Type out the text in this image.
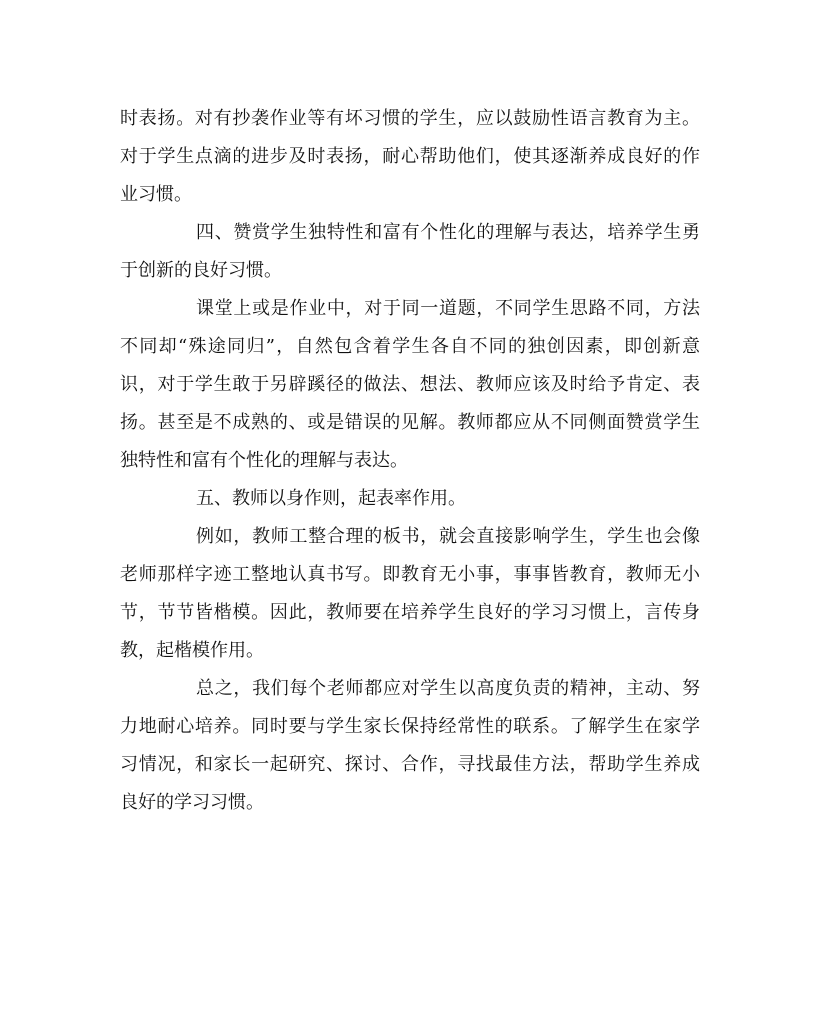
时表扬。对有抄袭作业等有坏习惯的学生，应以鼓励性语言教育为主。
对于学生点滴的进步及时表扬，耐心帮助他们，使其逐渐养成良好的作
业习惯。
四、赞赏学生独特性和富有个性化的理解与表达，培养学生勇
于创新的良好习惯。
课堂上或是作业中，对于同一道题，不同学生思路不同，方法
不同却“殊途同归”，自然包含着学生各自不同的独创因素，即创新意
识，对于学生敢于另辟蹊径的做法、想法、教师应该及时给予肯定、表
扬。甚至是不成熟的、或是错误的见解。教师都应从不同侧面赞赏学生
独特性和富有个性化的理解与表达。
五、教师以身作则，起表率作用。
例如，教师工整合理的板书，就会直接影响学生，学生也会像
老师那样字迹工整地认真书写。即教育无小事，事事皆教育，教师无小
节，节节皆楷模。因此，教师要在培养学生良好的学习习惯上，言传身
教，起楷模作用。
总之，我们每个老师都应对学生以高度负责的精神，主动、努
力地耐心培养。同时要与学生家长保持经常性的联系。了解学生在家学
习情况，和家长一起研究、探讨、合作，寻找最佳方法，帮助学生养成
良好的学习习惯。
